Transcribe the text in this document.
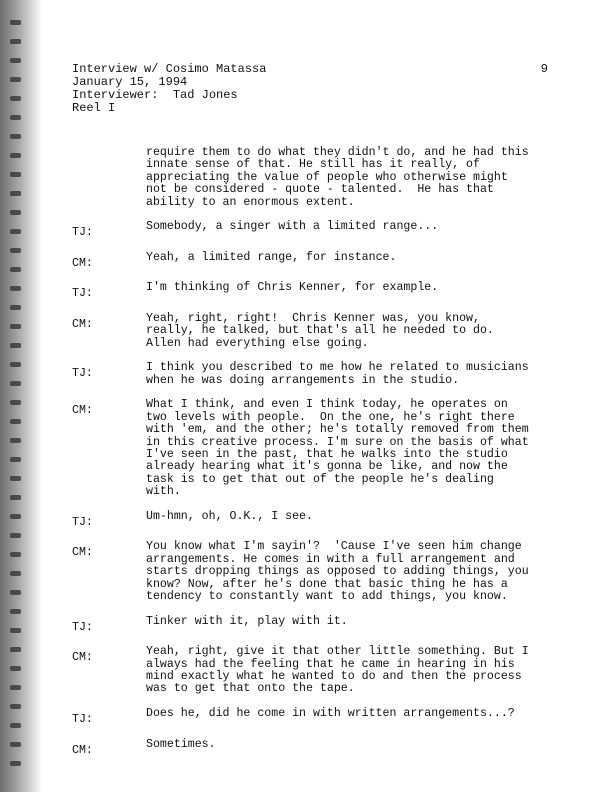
Interview w/ Cosimo Matassa
January 15, 1994
Interviewer:  Tad Jones
Reel I
9
require them to do what they didn't do, and he had this
innate sense of that. He still has it really, of
appreciating the value of people who otherwise might
not be considered - quote - talented.  He has that
ability to an enormous extent.
TJ:	Somebody, a singer with a limited range...
CM:	Yeah, a limited range, for instance.
TJ:	I'm thinking of Chris Kenner, for example.
CM:	Yeah, right, right!  Chris Kenner was, you know,
really, he talked, but that's all he needed to do.
Allen had everything else going.
TJ:	I think you described to me how he related to musicians
when he was doing arrangements in the studio.
CM:	What I think, and even I think today, he operates on
two levels with people.  On the one, he's right there
with 'em, and the other; he's totally removed from them
in this creative process. I'm sure on the basis of what
I've seen in the past, that he walks into the studio
already hearing what it's gonna be like, and now the
task is to get that out of the people he's dealing
with.
TJ:	Um-hmn, oh, O.K., I see.
CM:	You know what I'm sayin'?  'Cause I've seen him change
arrangements. He comes in with a full arrangement and
starts dropping things as opposed to adding things, you
know? Now, after he's done that basic thing he has a
tendency to constantly want to add things, you know.
TJ:	Tinker with it, play with it.
CM:	Yeah, right, give it that other little something. But I
always had the feeling that he came in hearing in his
mind exactly what he wanted to do and then the process
was to get that onto the tape.
TJ:	Does he, did he come in with written arrangements...?
CM:	Sometimes.
